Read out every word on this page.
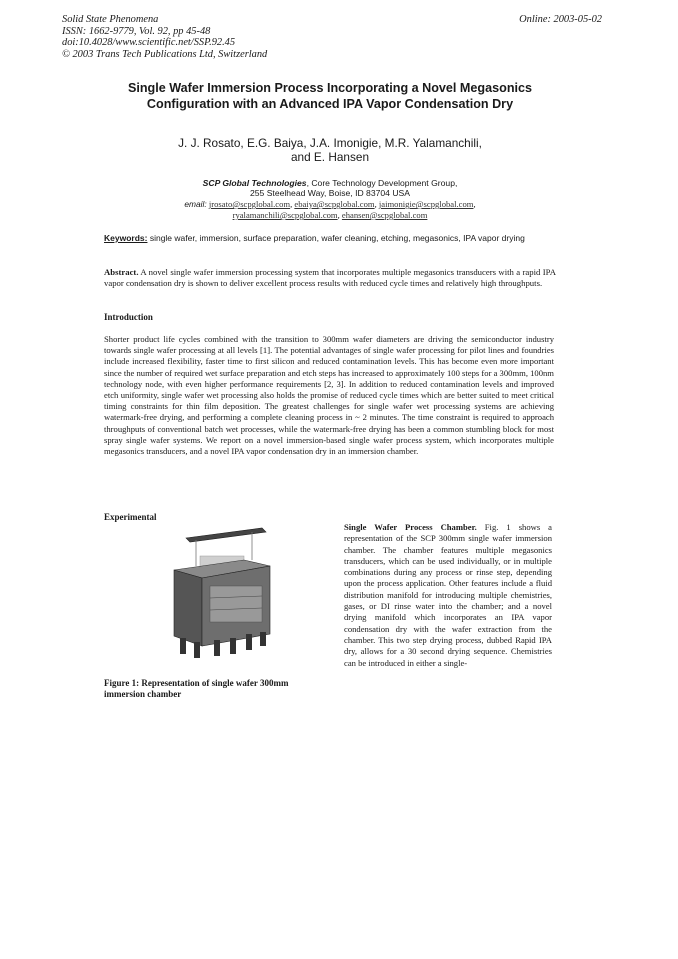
Solid State Phenomena
ISSN: 1662-9779, Vol. 92, pp 45-48
doi:10.4028/www.scientific.net/SSP.92.45
© 2003 Trans Tech Publications Ltd, Switzerland
Online: 2003-05-02
Single Wafer Immersion Process Incorporating a Novel Megasonics
Configuration with an Advanced IPA Vapor Condensation Dry
J. J. Rosato, E.G. Baiya, J.A. Imonigie, M.R. Yalamanchili,
and E. Hansen
SCP Global Technologies, Core Technology Development Group,
255 Steelhead Way, Boise, ID 83704 USA
email: jrosato@scpglobal.com, ebaiya@scpglobal.com, jaimonigie@scpglobal.com,
ryalamanchili@scpglobal.com, ehansen@scpglobal.com
Keywords: single wafer, immersion, surface preparation, wafer cleaning, etching, megasonics, IPA vapor drying
Abstract. A novel single wafer immersion processing system that incorporates multiple megasonics transducers with a rapid IPA vapor condensation dry is shown to deliver excellent process results with reduced cycle times and relatively high throughputs.
Introduction
Shorter product life cycles combined with the transition to 300mm wafer diameters are driving the semiconductor industry towards single wafer processing at all levels [1]. The potential advantages of single wafer processing for pilot lines and foundries include increased flexibility, faster time to first silicon and reduced contamination levels. This has become even more important since the number of required wet surface preparation and etch steps has increased to approximately 100 steps for a 300mm, 100nm technology node, with even higher performance requirements [2, 3]. In addition to reduced contamination levels and improved etch uniformity, single wafer wet processing also holds the promise of reduced cycle times which are better suited to meet critical timing constraints for thin film deposition. The greatest challenges for single wafer wet processing systems are achieving watermark-free drying, and performing a complete cleaning process in ~ 2 minutes. The time constraint is required to approach throughputs of conventional batch wet processes, while the watermark-free drying has been a common stumbling block for most spray single wafer systems. We report on a novel immersion-based single wafer process system, which incorporates multiple megasonics transducers, and a novel IPA vapor condensation dry in an immersion chamber.
Experimental
Figure 1: Representation of single wafer 300mm immersion chamber
Single Wafer Process Chamber. Fig. 1 shows a representation of the SCP 300mm single wafer immersion chamber. The chamber features multiple megasonics transducers, which can be used individually, or in multiple combinations during any process or rinse step, depending upon the process application. Other features include a fluid distribution manifold for introducing multiple chemistries, gases, or DI rinse water into the chamber; and a novel drying manifold which incorporates an IPA vapor condensation dry with the wafer extraction from the chamber. This two step drying process, dubbed Rapid IPA dry, allows for a 30 second drying sequence. Chemistries can be introduced in either a single-
